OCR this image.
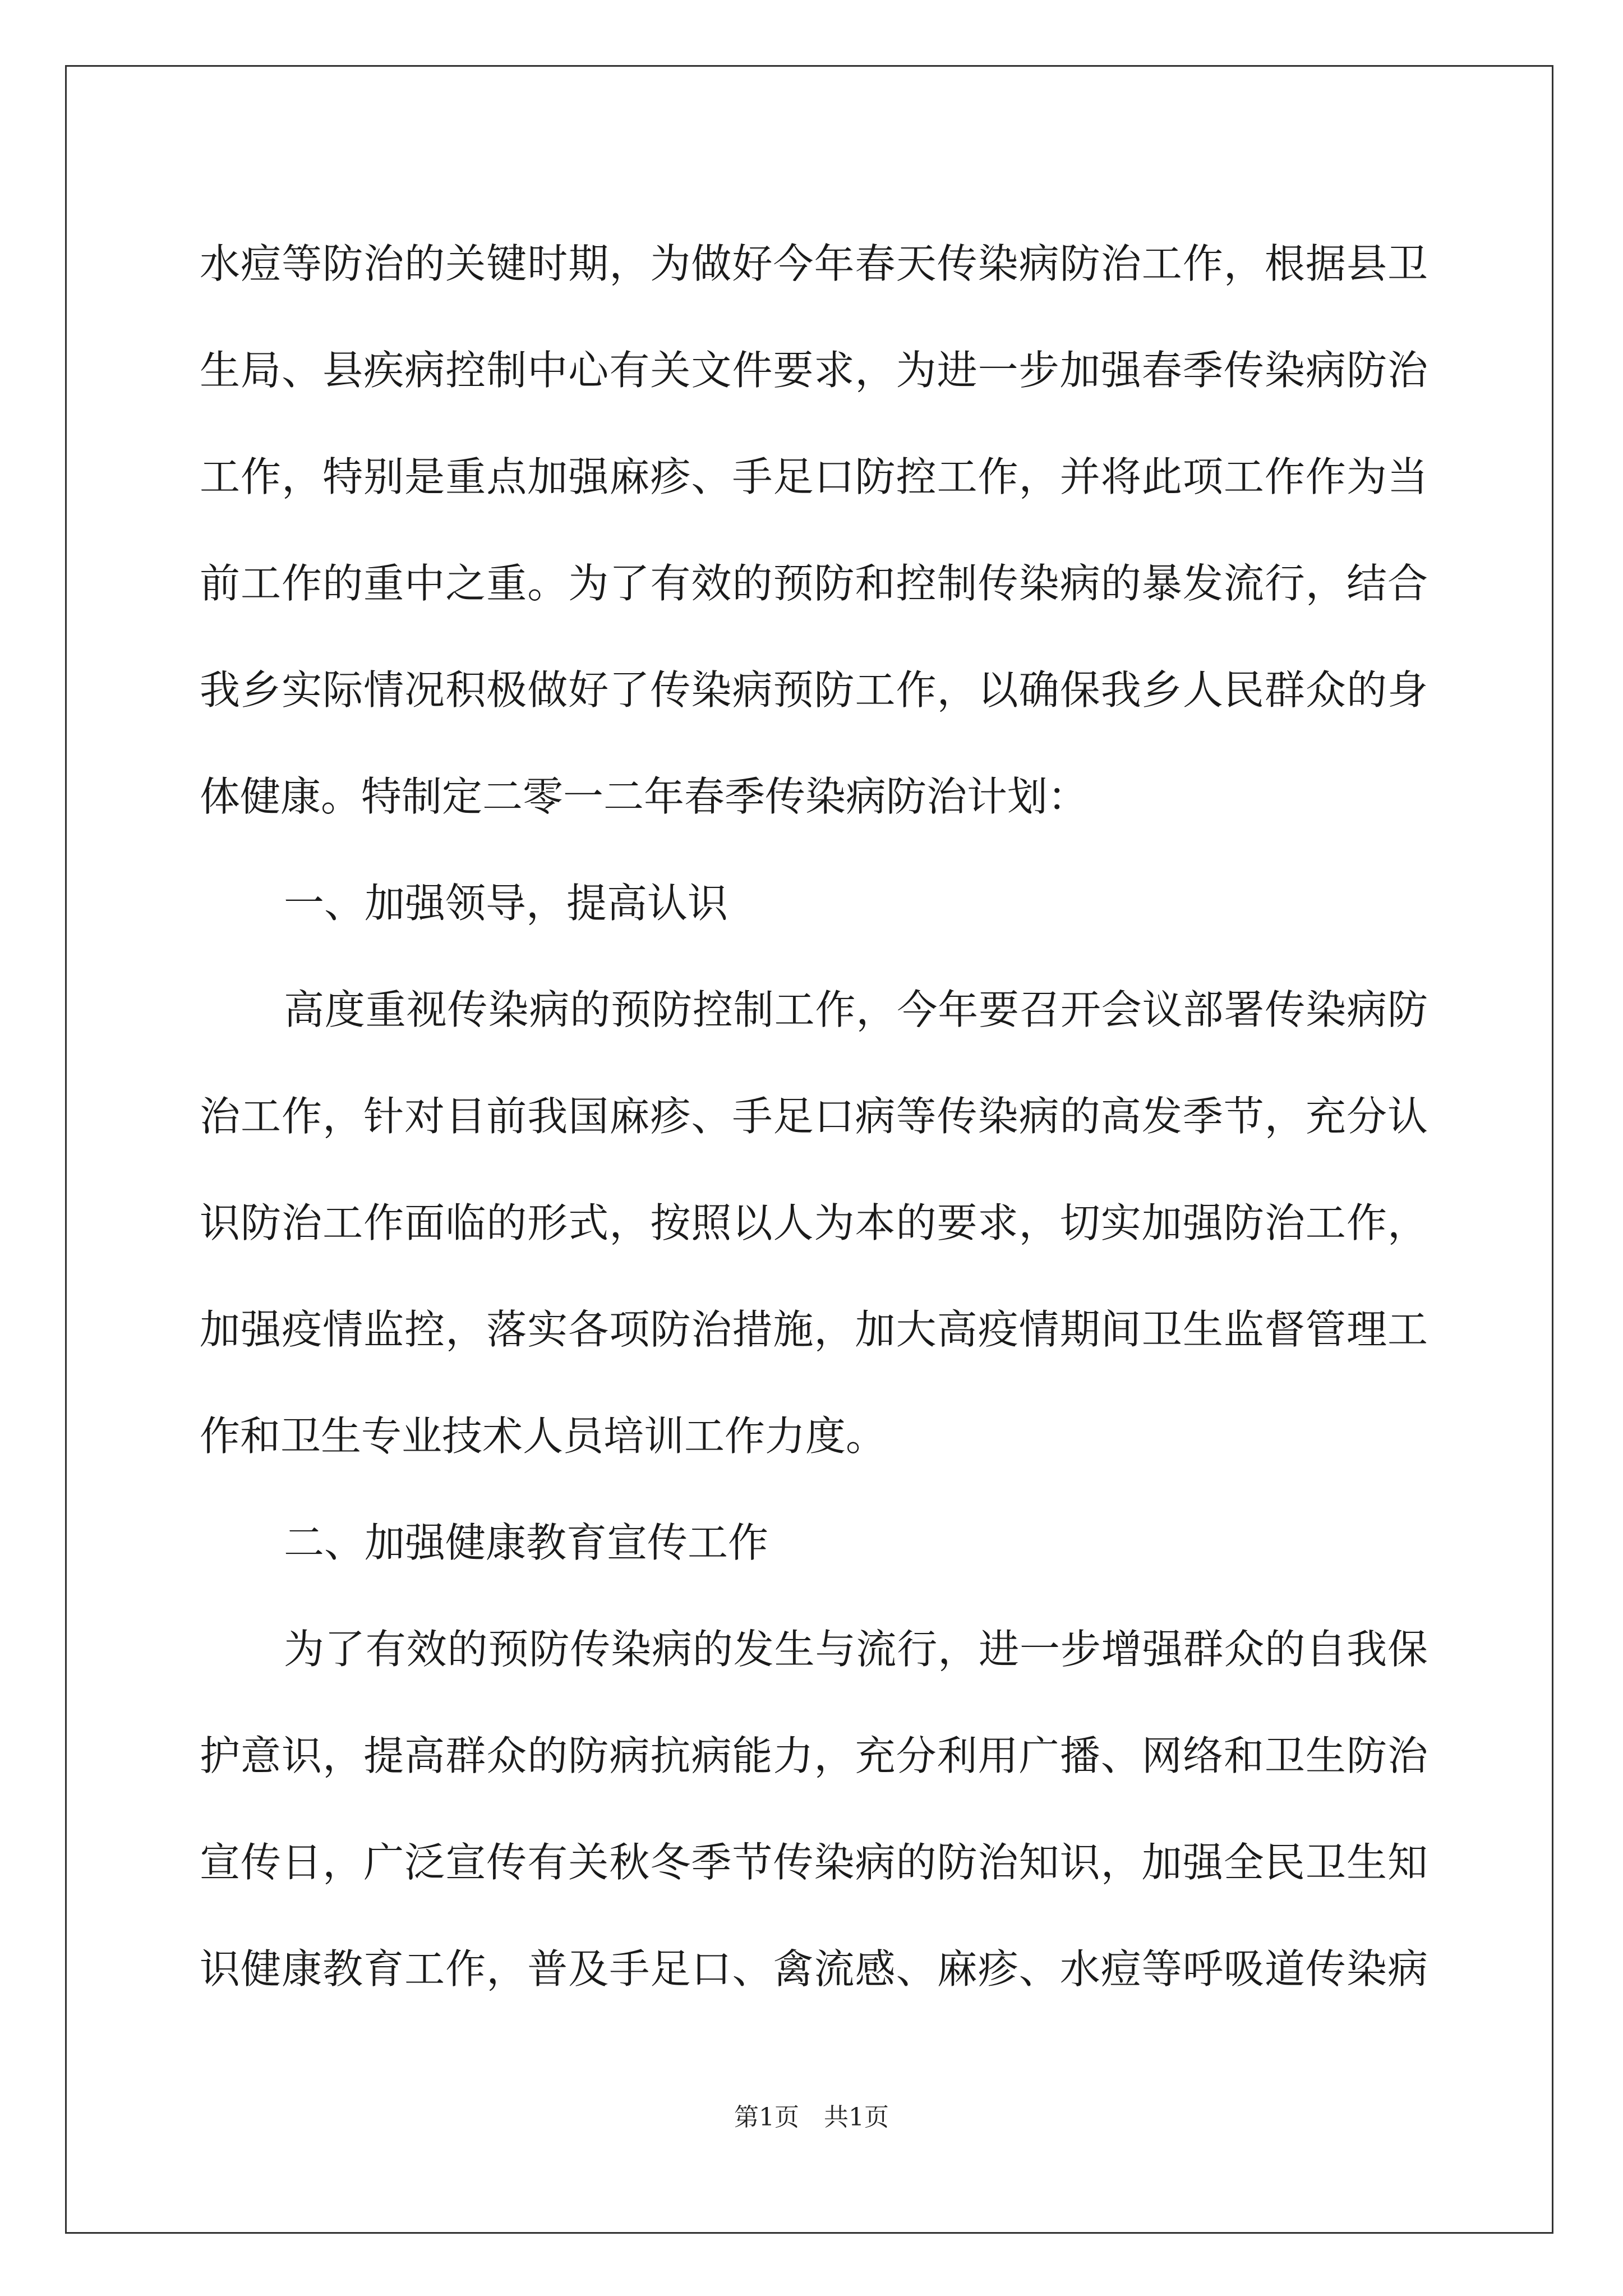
水痘等防治的关键时期，为做好今年春天传染病防治工作，根据县卫
生局、县疾病控制中心有关文件要求，为进一步加强春季传染病防治
工作，特别是重点加强麻疹、手足口防控工作，并将此项工作作为当
前工作的重中之重。为了有效的预防和控制传染病的暴发流行，结合
我乡实际情况积极做好了传染病预防工作，以确保我乡人民群众的身
体健康。特制定二零一二年春季传染病防治计划：
一、加强领导，提高认识
高度重视传染病的预防控制工作，今年要召开会议部署传染病防
治工作，针对目前我国麻疹、手足口病等传染病的高发季节，充分认
识防治工作面临的形式，按照以人为本的要求，切实加强防治工作，
加强疫情监控，落实各项防治措施，加大高疫情期间卫生监督管理工
作和卫生专业技术人员培训工作力度。
二、加强健康教育宣传工作
为了有效的预防传染病的发生与流行，进一步增强群众的自我保
护意识，提高群众的防病抗病能力，充分利用广播、网络和卫生防治
宣传日，广泛宣传有关秋冬季节传染病的防治知识，加强全民卫生知
识健康教育工作，普及手足口、禽流感、麻疹、水痘等呼吸道传染病
第1页 共1页
